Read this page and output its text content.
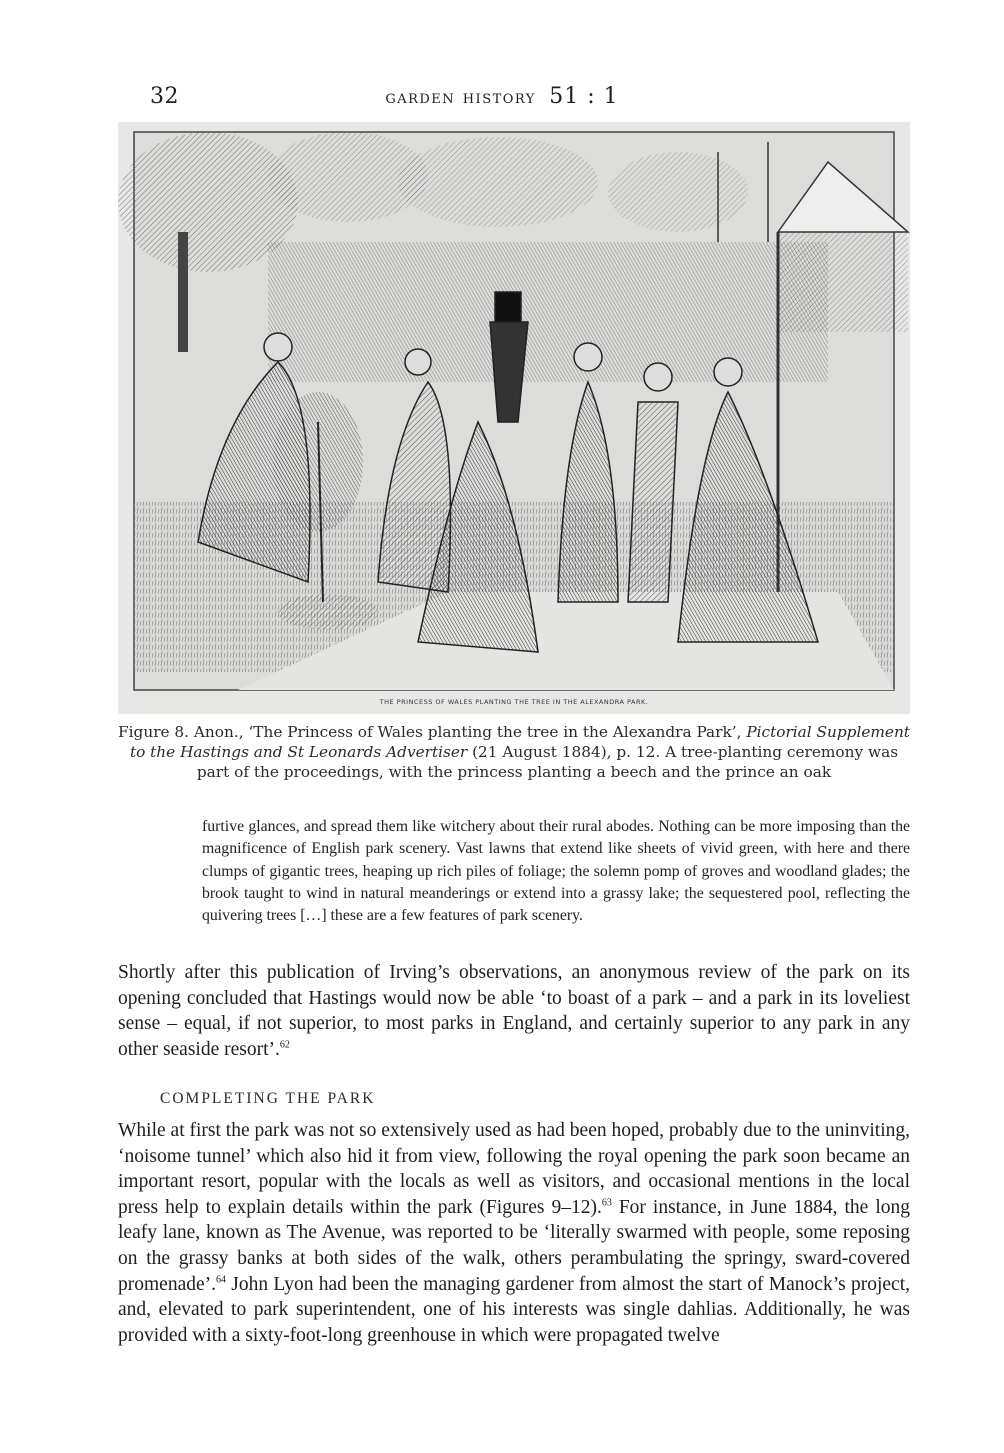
32	garden history 51 : 1
THE PRINCESS OF WALES PLANTING THE TREE IN THE ALEXANDRA PARK.
Figure 8. Anon., ‘The Princess of Wales planting the tree in the Alexandra Park’, Pictorial Supplement to the Hastings and St Leonards Advertiser (21 August 1884), p. 12. A tree-planting ceremony was part of the proceedings, with the princess planting a beech and the prince an oak
furtive glances, and spread them like witchery about their rural abodes. Nothing can be more imposing than the magnificence of English park scenery. Vast lawns that extend like sheets of vivid green, with here and there clumps of gigantic trees, heaping up rich piles of foliage; the solemn pomp of groves and woodland glades; the brook taught to wind in natural meanderings or extend into a grassy lake; the sequestered pool, reflecting the quivering trees […] these are a few features of park scenery.
Shortly after this publication of Irving’s observations, an anonymous review of the park on its opening concluded that Hastings would now be able ‘to boast of a park – and a park in its loveliest sense – equal, if not superior, to most parks in England, and certainly superior to any park in any other seaside resort’.$^{62}$
COMPLETING THE PARK
While at first the park was not so extensively used as had been hoped, probably due to the uninviting, ‘noisome tunnel’ which also hid it from view, following the royal opening the park soon became an important resort, popular with the locals as well as visitors, and occasional mentions in the local press help to explain details within the park (Figures 9–12).$^{63}$ For instance, in June 1884, the long leafy lane, known as The Avenue, was reported to be ‘literally swarmed with people, some reposing on the grassy banks at both sides of the walk, others perambulating the springy, sward-covered promenade’.$^{64}$ John Lyon had been the managing gardener from almost the start of Manock’s project, and, elevated to park superintendent, one of his interests was single dahlias. Additionally, he was provided with a sixty-foot-long greenhouse in which were propagated twelve
